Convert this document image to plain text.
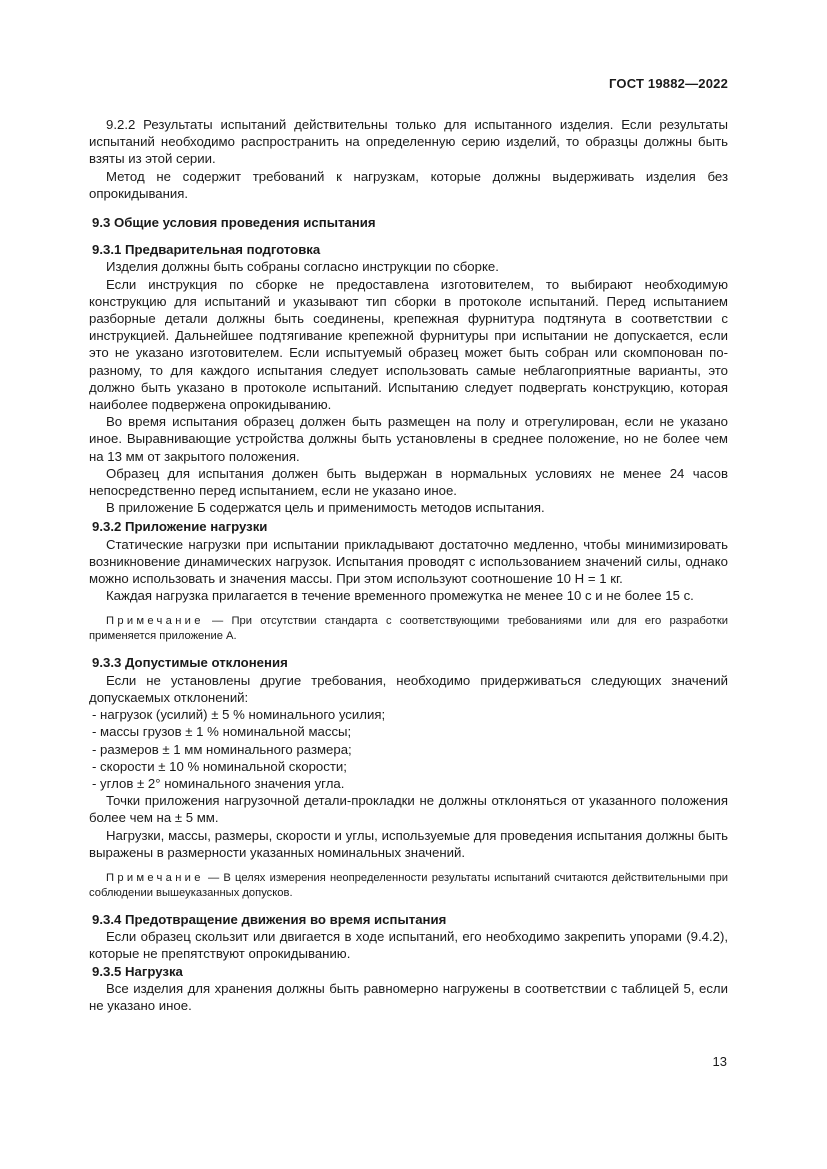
ГОСТ 19882—2022

9.2.2 Результаты испытаний действительны только для испытанного изделия. Если результаты испытаний необходимо распространить на определенную серию изделий, то образцы должны быть взяты из этой серии.

Метод не содержит требований к нагрузкам, которые должны выдерживать изделия без опрокидывания.

9.3 Общие условия проведения испытания

9.3.1 Предварительная подготовка

Изделия должны быть собраны согласно инструкции по сборке.

Если инструкция по сборке не предоставлена изготовителем, то выбирают необходимую конструкцию для испытаний и указывают тип сборки в протоколе испытаний. Перед испытанием разборные детали должны быть соединены, крепежная фурнитура подтянута в соответствии с инструкцией. Дальнейшее подтягивание крепежной фурнитуры при испытании не допускается, если это не указано изготовителем. Если испытуемый образец может быть собран или скомпонован по-разному, то для каждого испытания следует использовать самые неблагоприятные варианты, это должно быть указано в протоколе испытаний. Испытанию следует подвергать конструкцию, которая наиболее подвержена опрокидыванию.

Во время испытания образец должен быть размещен на полу и отрегулирован, если не указано иное. Выравнивающие устройства должны быть установлены в среднее положение, но не более чем на 13 мм от закрытого положения.

Образец для испытания должен быть выдержан в нормальных условиях не менее 24 часов непосредственно перед испытанием, если не указано иное.

В приложение Б содержатся цель и применимость методов испытания.

9.3.2 Приложение нагрузки

Статические нагрузки при испытании прикладывают достаточно медленно, чтобы минимизировать возникновение динамических нагрузок. Испытания проводят с использованием значений силы, однако можно использовать и значения массы. При этом используют соотношение 10 Н = 1 кг.

Каждая нагрузка прилагается в течение временного промежутка не менее 10 с и не более 15 с.

Примечание — При отсутствии стандарта с соответствующими требованиями или для его разработки применяется приложение А.

9.3.3 Допустимые отклонения

Если не установлены другие требования, необходимо придерживаться следующих значений допускаемых отклонений:

- нагрузок (усилий) ± 5 % номинального усилия;
- массы грузов ± 1 % номинальной массы;
- размеров ± 1 мм номинального размера;
- скорости ± 10 % номинальной скорости;
- углов ± 2° номинального значения угла.

Точки приложения нагрузочной детали-прокладки не должны отклоняться от указанного положения более чем на ± 5 мм.

Нагрузки, массы, размеры, скорости и углы, используемые для проведения испытания должны быть выражены в размерности указанных номинальных значений.

Примечание — В целях измерения неопределенности результаты испытаний считаются действительными при соблюдении вышеуказанных допусков.

9.3.4 Предотвращение движения во время испытания

Если образец скользит или двигается в ходе испытаний, его необходимо закрепить упорами (9.4.2), которые не препятствуют опрокидыванию.

9.3.5 Нагрузка

Все изделия для хранения должны быть равномерно нагружены в соответствии с таблицей 5, если не указано иное.

13
